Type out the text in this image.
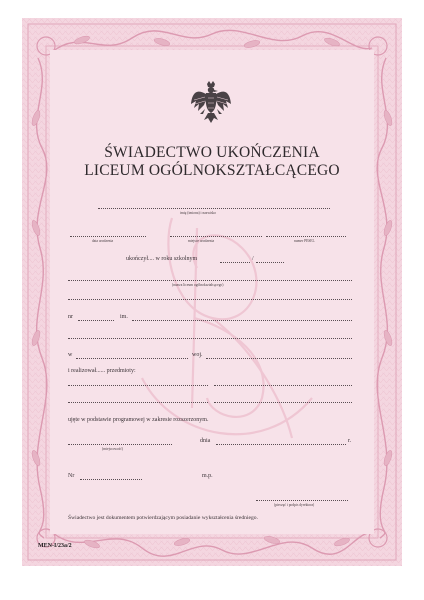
ŚWIADECTWO UKOŃCZENIA
LICEUM OGÓLNOKSZTAŁCĄCEGO
imię (imiona) i nazwisko
data urodzenia	miejsce urodzenia	numer PESEL
ukończył.... w roku szkolnym	/
(nazwa liceum ogólnokształcącego)
nr	im.
w	woj.
i realizował...... przedmioty:
ujęte w podstawie programowej w zakresie rozszerzonym.
(miejscowość)
dnia	r.
Nr	m.p.
(pieczęć i podpis dyrektora)
Świadectwo jest dokumentem potwierdzającym posiadanie wykształcenia średniego.
MEN-I/23a/2
